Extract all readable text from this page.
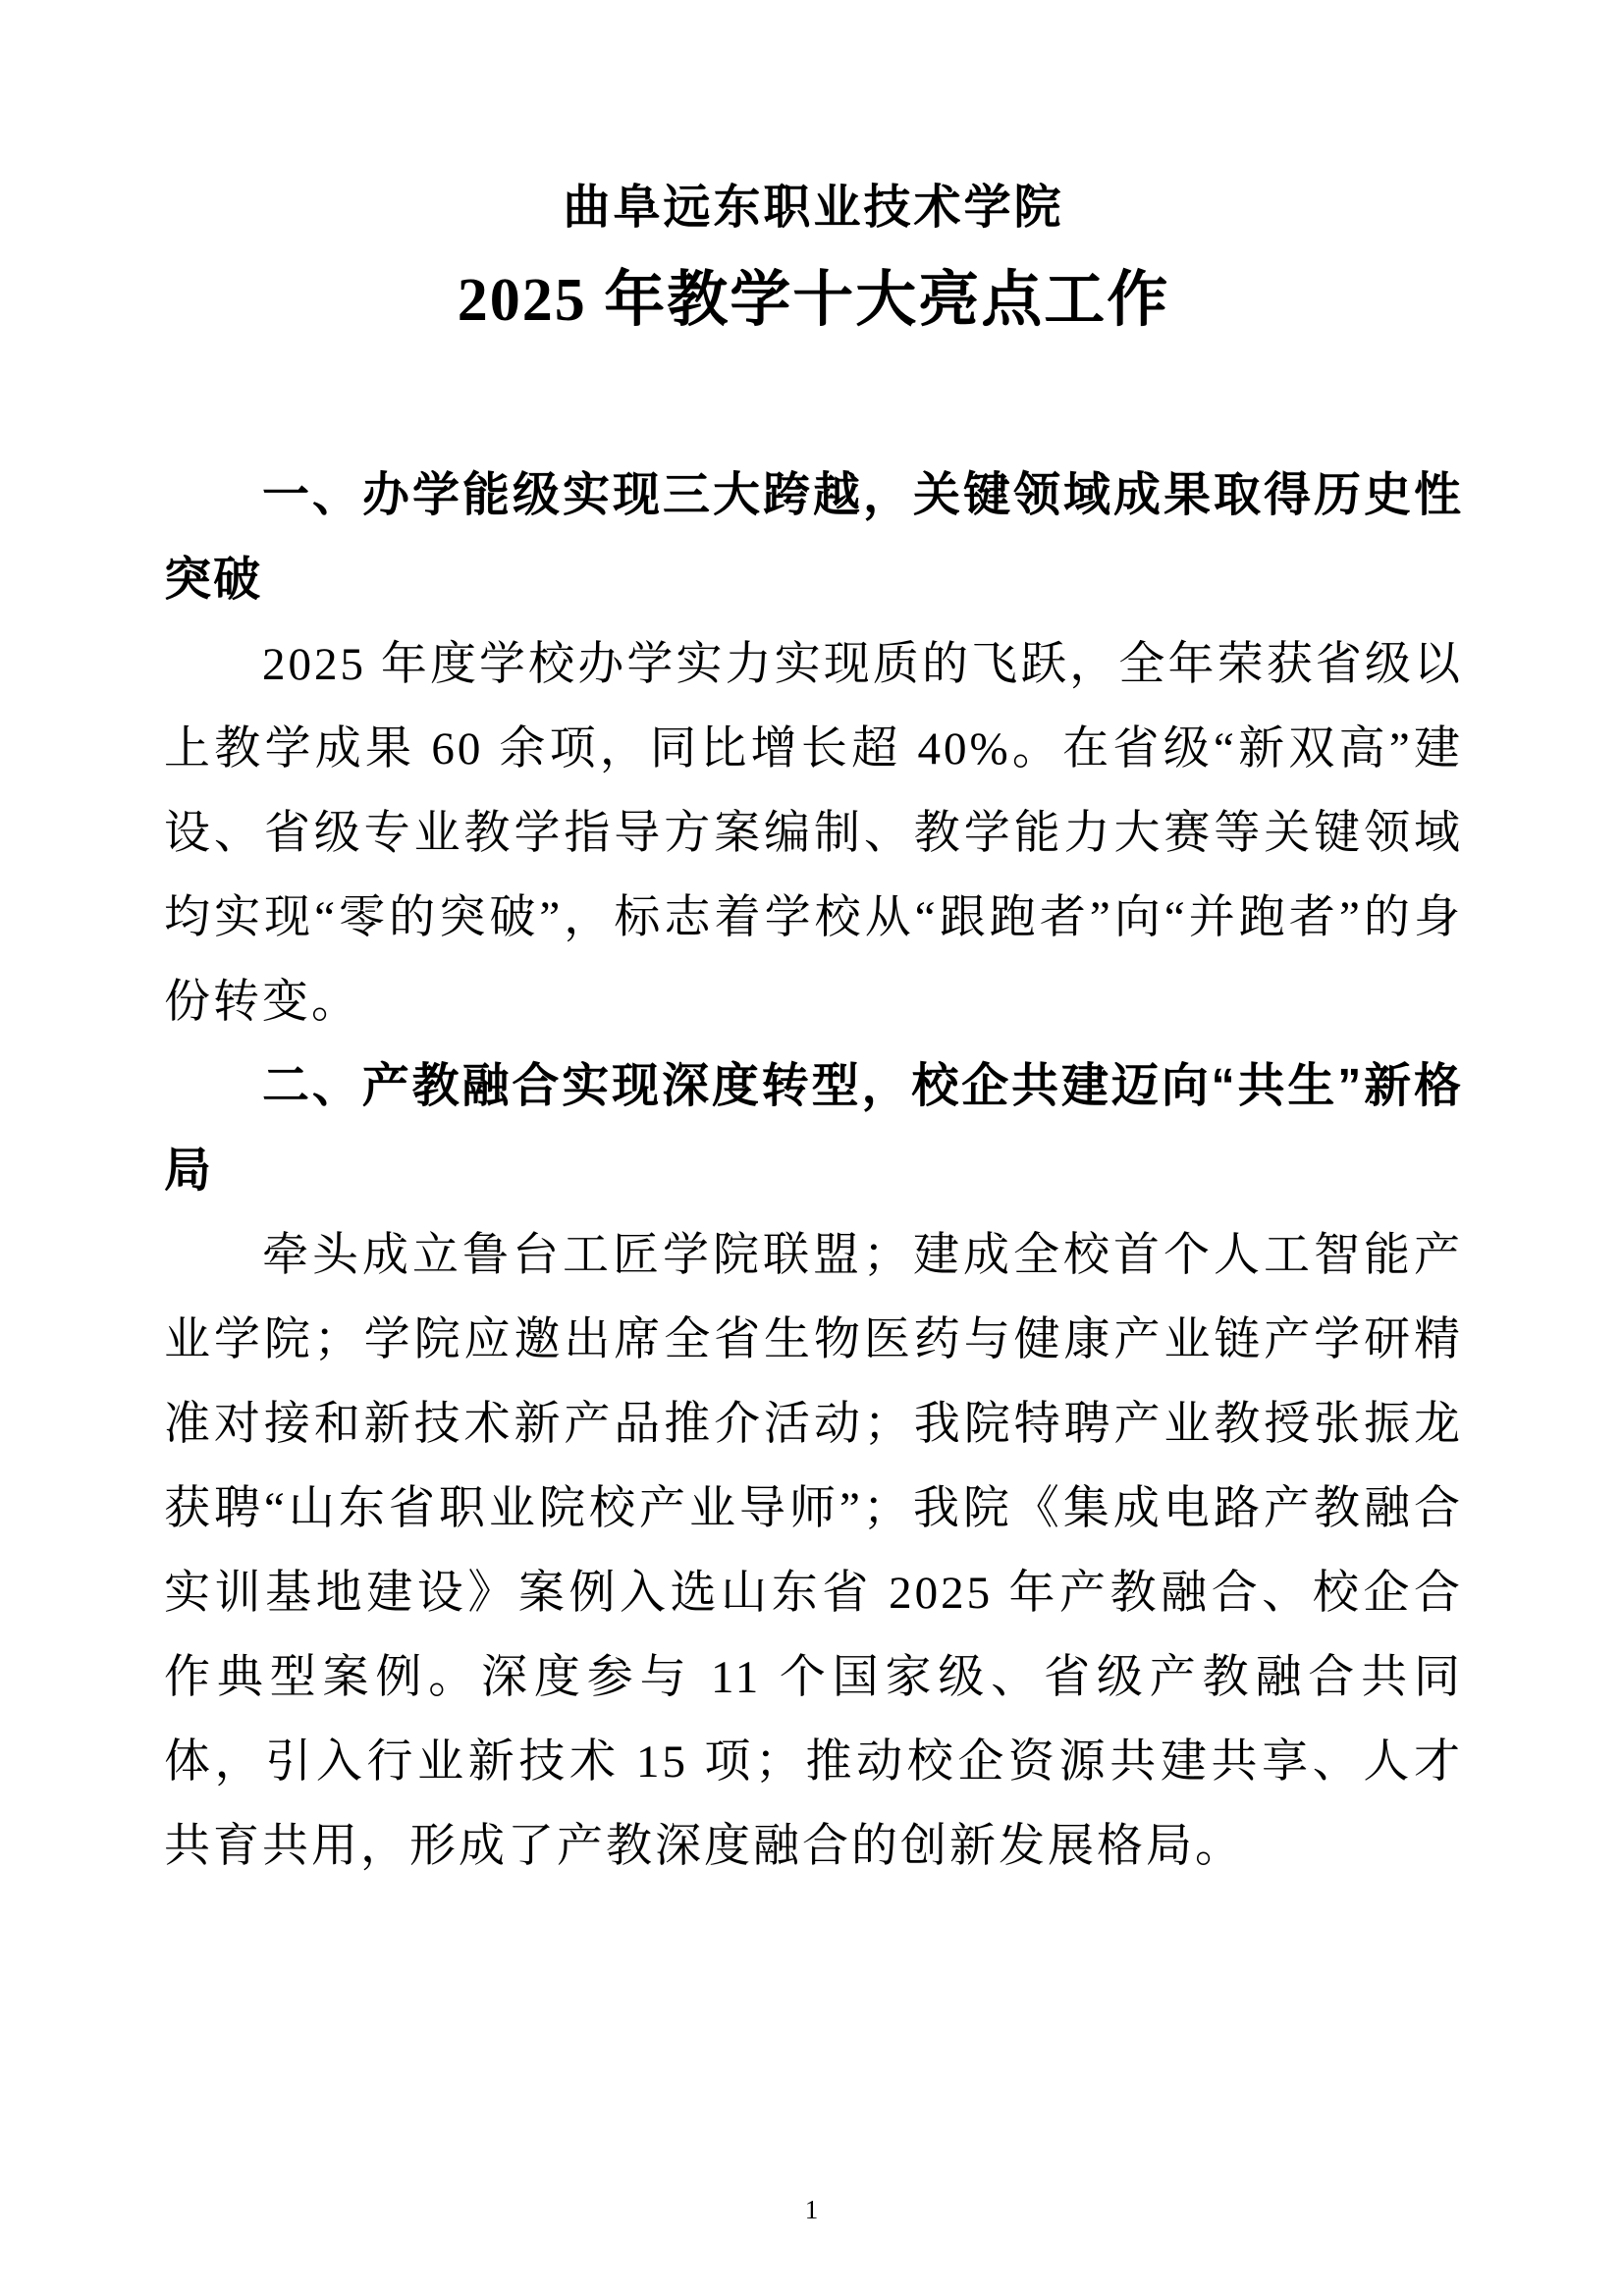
曲阜远东职业技术学院
2025 年教学十大亮点工作
一、办学能级实现三大跨越，关键领域成果取得历史性突破

2025 年度学校办学实力实现质的飞跃，全年荣获省级以上教学成果 60 余项，同比增长超 40%。在省级“新双高”建设、省级专业教学指导方案编制、教学能力大赛等关键领域均实现“零的突破”，标志着学校从“跟跑者”向“并跑者”的身份转变。

二、产教融合实现深度转型，校企共建迈向“共生”新格局

牵头成立鲁台工匠学院联盟；建成全校首个人工智能产业学院；学院应邀出席全省生物医药与健康产业链产学研精准对接和新技术新产品推介活动；我院特聘产业教授张振龙获聘“山东省职业院校产业导师”；我院《集成电路产教融合实训基地建设》案例入选山东省 2025 年产教融合、校企合作典型案例。深度参与 11 个国家级、省级产教融合共同体，引入行业新技术 15 项；推动校企资源共建共享、人才共育共用，形成了产教深度融合的创新发展格局。

1
